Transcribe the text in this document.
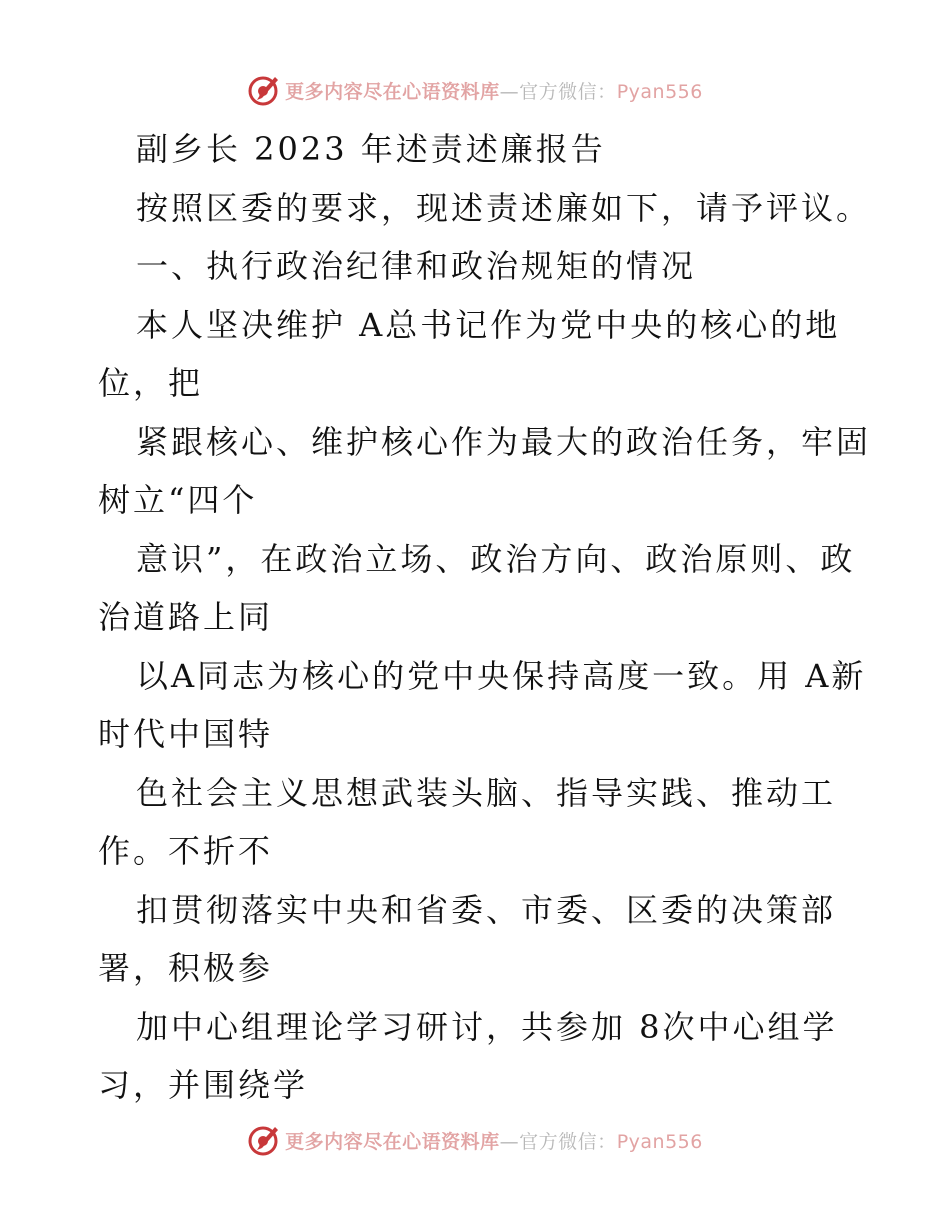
更多内容尽在心语资料库—官方微信：Pyan556
副乡长 2023 年述责述廉报告
按照区委的要求，现述责述廉如下，请予评议。
一、执行政治纪律和政治规矩的情况
本人坚决维护 A总书记作为党中央的核心的地
位，把
紧跟核心、维护核心作为最大的政治任务，牢固
树立“四个
意识”，在政治立场、政治方向、政治原则、政
治道路上同
以A同志为核心的党中央保持高度一致。用 A新
时代中国特
色社会主义思想武装头脑、指导实践、推动工
作。不折不
扣贯彻落实中央和省委、市委、区委的决策部
署，积极参
加中心组理论学习研讨，共参加 8次中心组学
习，并围绕学
更多内容尽在心语资料库—官方微信：Pyan556
